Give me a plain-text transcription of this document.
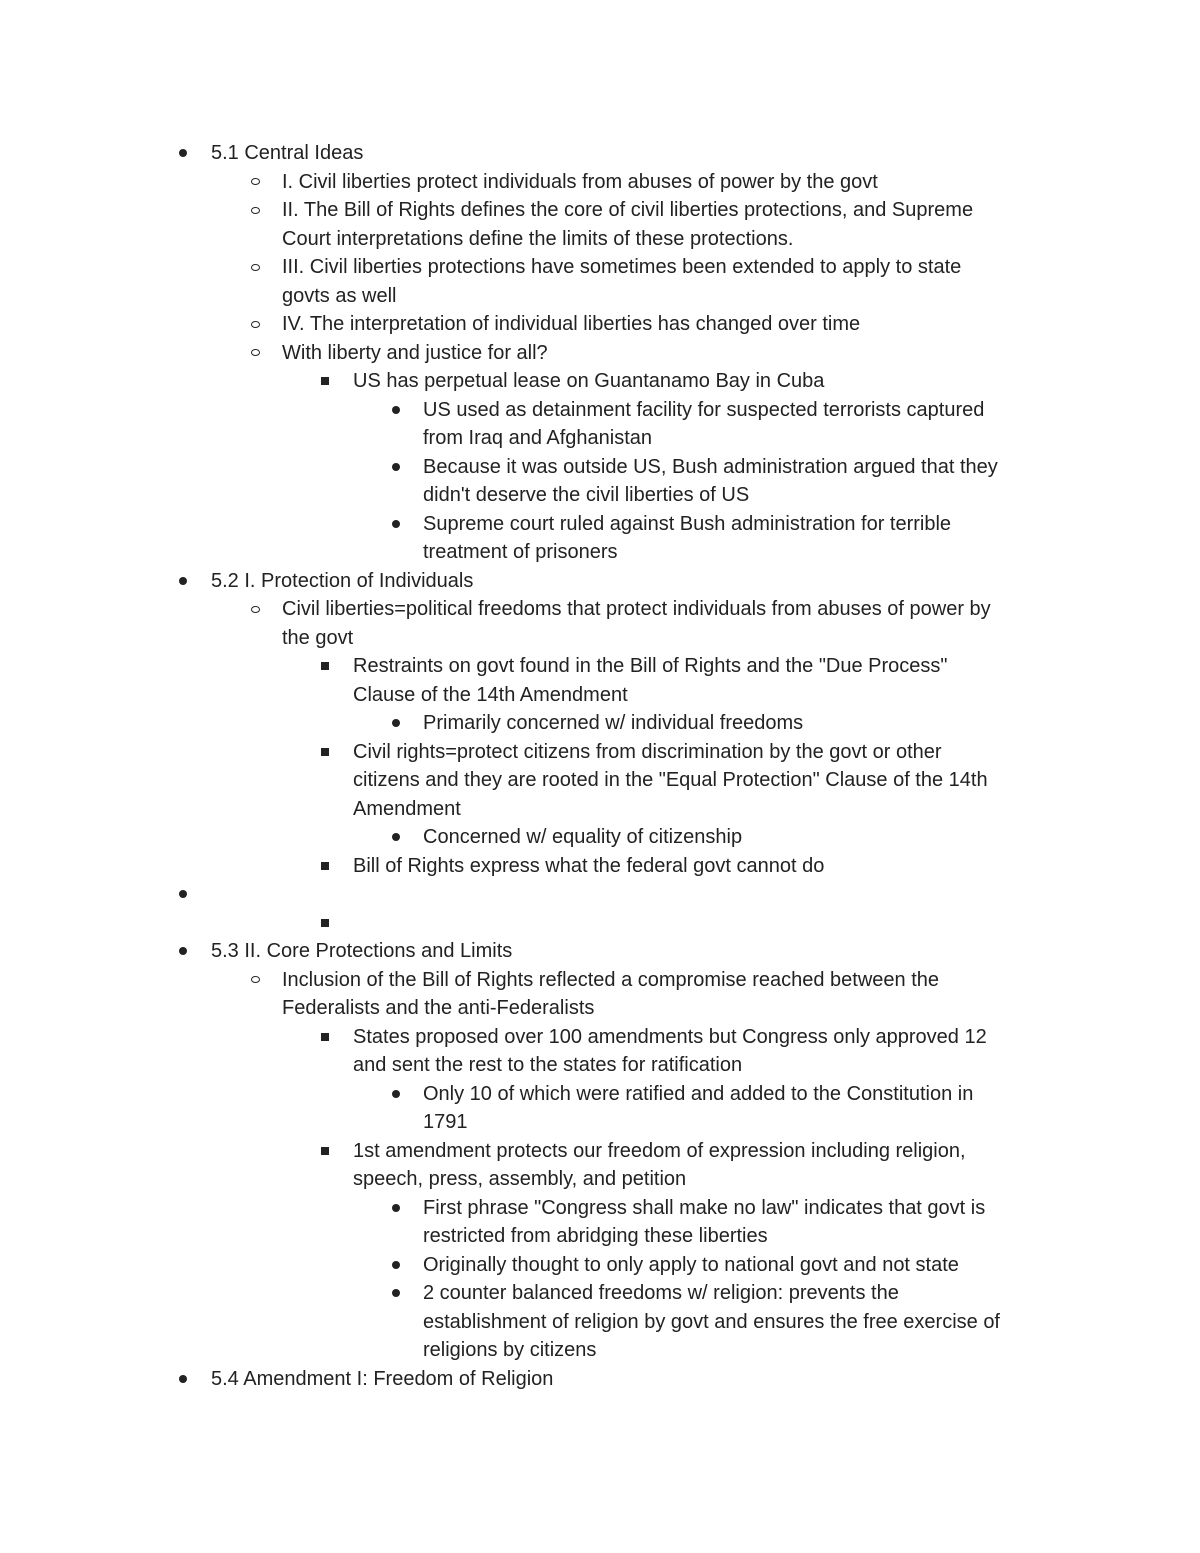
5.1 Central Ideas
I. Civil liberties protect individuals from abuses of power by the govt
II. The Bill of Rights defines the core of civil liberties protections, and Supreme
Court interpretations define the limits of these protections.
III. Civil liberties protections have sometimes been extended to apply to state
govts as well
IV. The interpretation of individual liberties has changed over time
With liberty and justice for all?
US has perpetual lease on Guantanamo Bay in Cuba
US used as detainment facility for suspected terrorists captured
from Iraq and Afghanistan
Because it was outside US, Bush administration argued that they
didn't deserve the civil liberties of US
Supreme court ruled against Bush administration for terrible
treatment of prisoners
5.2 I. Protection of Individuals
Civil liberties=political freedoms that protect individuals from abuses of power by
the govt
Restraints on govt found in the Bill of Rights and the "Due Process"
Clause of the 14th Amendment
Primarily concerned w/ individual freedoms
Civil rights=protect citizens from discrimination by the govt or other
citizens and they are rooted in the "Equal Protection" Clause of the 14th
Amendment
Concerned w/ equality of citizenship
Bill of Rights express what the federal govt cannot do
5.3 II. Core Protections and Limits
Inclusion of the Bill of Rights reflected a compromise reached between the
Federalists and the anti-Federalists
States proposed over 100 amendments but Congress only approved 12
and sent the rest to the states for ratification
Only 10 of which were ratified and added to the Constitution in
1791
1st amendment protects our freedom of expression including religion,
speech, press, assembly, and petition
First phrase "Congress shall make no law" indicates that govt is
restricted from abridging these liberties
Originally thought to only apply to national govt and not state
2 counter balanced freedoms w/ religion: prevents the
establishment of religion by govt and ensures the free exercise of
religions by citizens
5.4 Amendment I: Freedom of Religion
